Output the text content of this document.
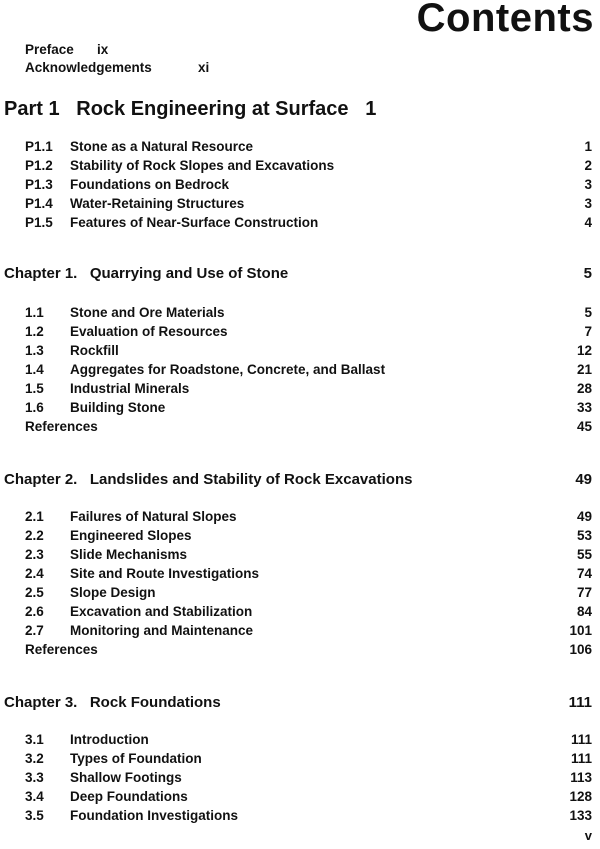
Contents
Preface ix
Acknowledgements	xi
Part 1   Rock Engineering at Surface   1
P1.1 Stone as a Natural Resource	1
P1.2 Stability of Rock Slopes and Excavations	2
P1.3 Foundations on Bedrock	3
P1.4 Water-Retaining Structures	3
P1.5 Features of Near-Surface Construction	4
Chapter 1.   Quarrying and Use of Stone	5
1.1 Stone and Ore Materials	5
1.2 Evaluation of Resources	7
1.3 Rockfill	12
1.4 Aggregates for Roadstone, Concrete, and Ballast	21
1.5 Industrial Minerals	28
1.6 Building Stone	33
References	45
Chapter 2.   Landslides and Stability of Rock Excavations	49
2.1 Failures of Natural Slopes	49
2.2 Engineered Slopes	53
2.3 Slide Mechanisms	55
2.4 Site and Route Investigations	74
2.5 Slope Design	77
2.6 Excavation and Stabilization	84
2.7 Monitoring and Maintenance	101
References	106
Chapter 3.   Rock Foundations	111
3.1 Introduction	111
3.2 Types of Foundation	111
3.3 Shallow Footings	113
3.4 Deep Foundations	128
3.5 Foundation Investigations	133
v
